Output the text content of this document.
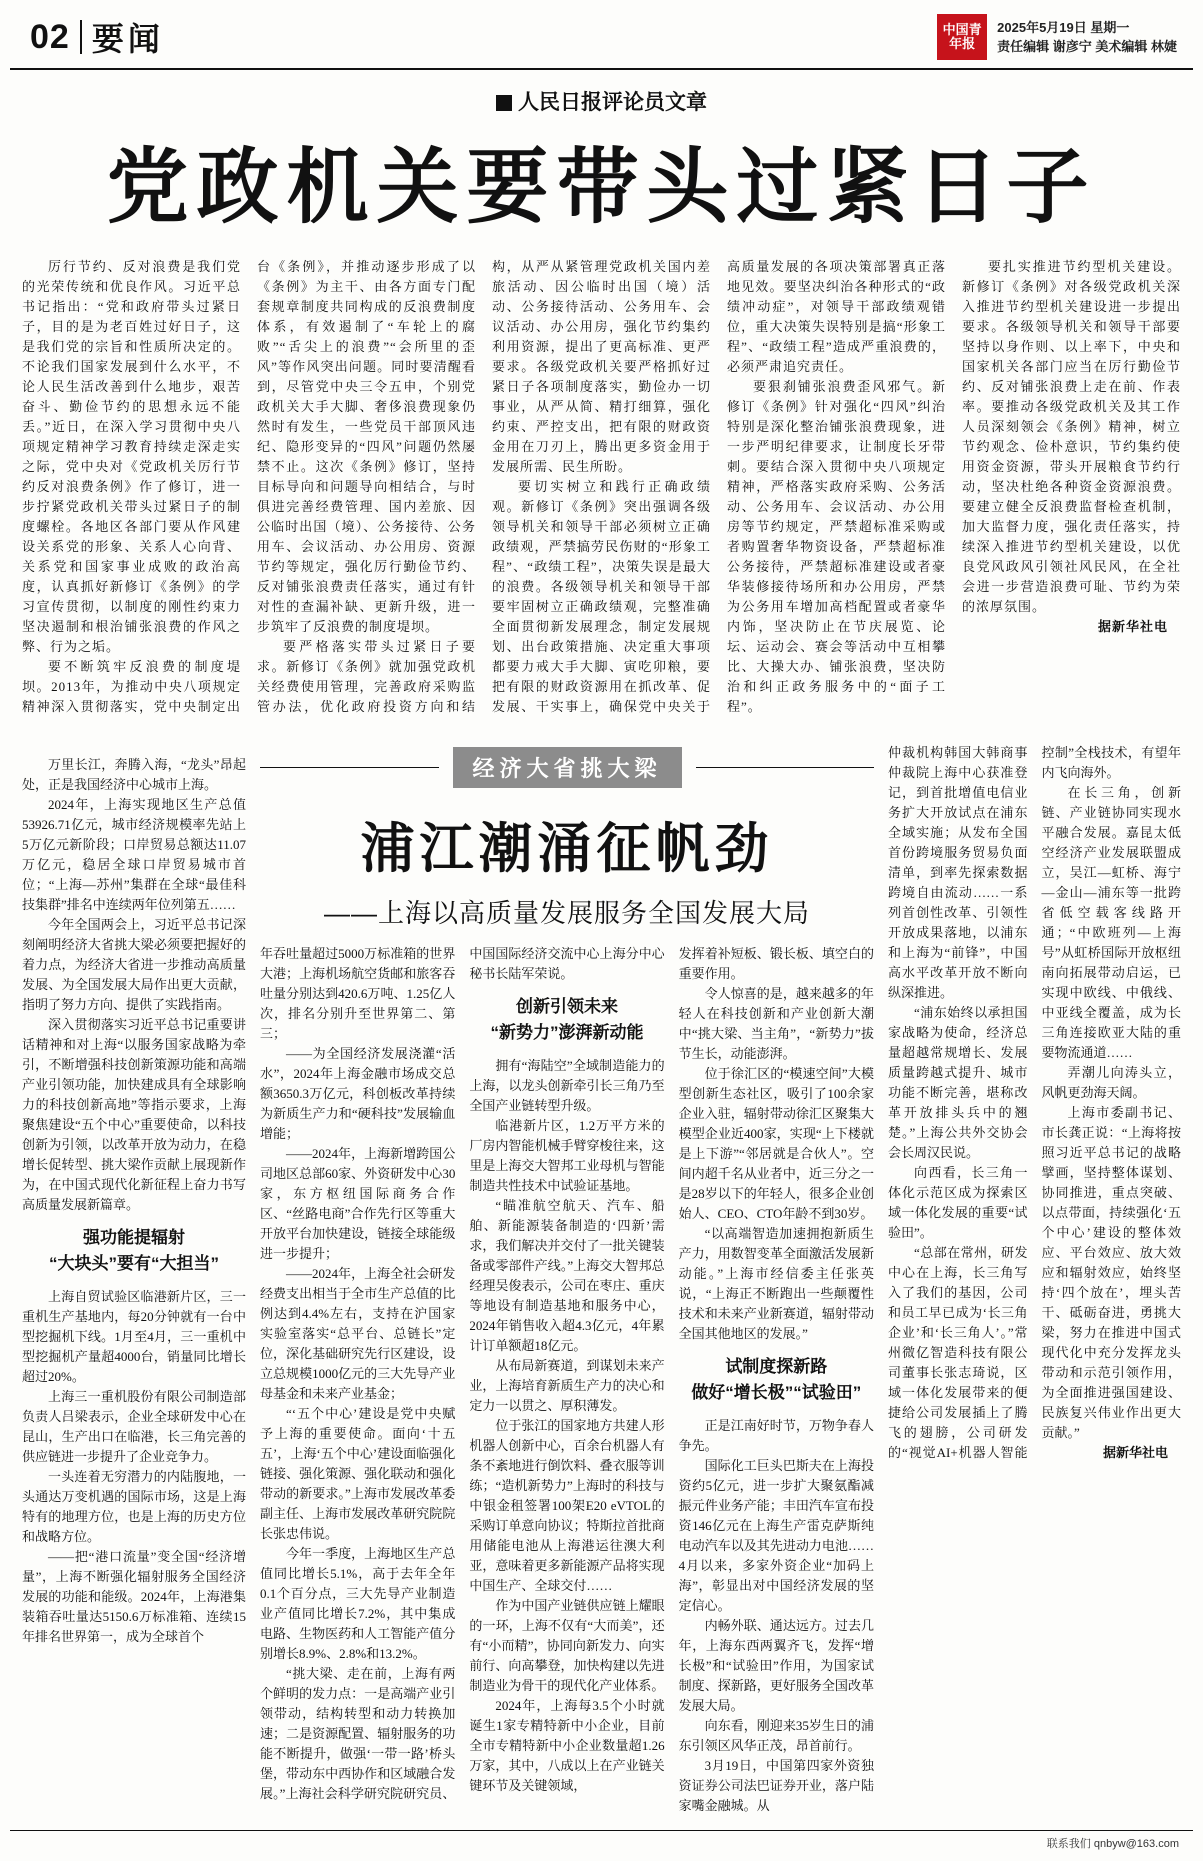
02 要闻	中国青年报
2025年5月19日 星期一
责任编辑 谢彦宁 美术编辑 林婕
人民日报评论员文章
党政机关要带头过紧日子

厉行节约、反对浪费是我们党的光荣传统和优良作风。习近平总书记指出：“党和政府带头过紧日子，目的是为老百姓过好日子，这是我们党的宗旨和性质所决定的。不论我们国家发展到什么水平，不论人民生活改善到什么地步，艰苦奋斗、勤俭节约的思想永远不能丢。”近日，在深入学习贯彻中央八项规定精神学习教育持续走深走实之际，党中央对《党政机关厉行节约反对浪费条例》作了修订，进一步拧紧党政机关带头过紧日子的制度螺栓。各地区各部门要从作风建设关系党的形象、关系人心向背、关系党和国家事业成败的政治高度，认真抓好新修订《条例》的学习宣传贯彻，以制度的刚性约束力坚决遏制和根治铺张浪费的作风之弊、行为之垢。

要不断筑牢反浪费的制度堤坝。2013年，为推动中央八项规定精神深入贯彻落实，党中央制定出台《条例》，并推动逐步形成了以《条例》为主干、由各方面专门配套规章制度共同构成的反浪费制度体系，有效遏制了“车轮上的腐败”“舌尖上的浪费”“会所里的歪风”等作风突出问题。同时要清醒看到，尽管党中央三令五申，个别党政机关大手大脚、奢侈浪费现象仍然时有发生，一些党员干部顶风违纪、隐形变异的“四风”问题仍然屡禁不止。这次《条例》修订，坚持目标导向和问题导向相结合，与时俱进完善经费管理、国内差旅、因公临时出国（境）、公务接待、公务用车、会议活动、办公用房、资源节约等规定，强化厉行勤俭节约、反对铺张浪费责任落实，通过有针对性的查漏补缺、更新升级，进一步筑牢了反浪费的制度堤坝。

要严格落实带头过紧日子要求。新修订《条例》就加强党政机关经费使用管理，完善政府采购监管办法，优化政府投资方向和结构，从严从紧管理党政机关国内差旅活动、因公临时出国（境）活动、公务接待活动、公务用车、会议活动、办公用房，强化节约集约利用资源，提出了更高标准、更严要求。各级党政机关要严格抓好过紧日子各项制度落实，勤俭办一切事业，从严从简、精打细算，强化约束、严控支出，把有限的财政资金用在刀刃上，腾出更多资金用于发展所需、民生所盼。

要切实树立和践行正确政绩观。新修订《条例》突出强调各级领导机关和领导干部必须树立正确政绩观，严禁搞劳民伤财的“形象工程”、“政绩工程”，决策失误是最大的浪费。各级领导机关和领导干部要牢固树立正确政绩观，完整准确全面贯彻新发展理念，制定发展规划、出台政策措施、决定重大事项都要力戒大手大脚、寅吃卯粮，要把有限的财政资源用在抓改革、促发展、干实事上，确保党中央关于高质量发展的各项决策部署真正落地见效。要坚决纠治各种形式的“政绩冲动症”，对领导干部政绩观错位，重大决策失误特别是搞“形象工程”、“政绩工程”造成严重浪费的，必须严肃追究责任。

要狠刹铺张浪费歪风邪气。新修订《条例》针对强化“四风”纠治特别是深化整治铺张浪费现象，进一步严明纪律要求，让制度长牙带刺。要结合深入贯彻中央八项规定精神，严格落实政府采购、公务活动、公务用车、会议活动、办公用房等节约规定，严禁超标准采购或者购置奢华物资设备，严禁超标准公务接待，严禁超标准建设或者豪华装修接待场所和办公用房，严禁为公务用车增加高档配置或者豪华内饰，坚决防止在节庆展览、论坛、运动会、赛会等活动中互相攀比、大操大办、铺张浪费，坚决防治和纠正政务服务中的“面子工程”。

要扎实推进节约型机关建设。新修订《条例》对各级党政机关深入推进节约型机关建设进一步提出要求。各级领导机关和领导干部要坚持以身作则、以上率下，中央和国家机关各部门应当在厉行勤俭节约、反对铺张浪费上走在前、作表率。要推动各级党政机关及其工作人员深刻领会《条例》精神，树立节约观念、俭朴意识，节约集约使用资金资源，带头开展粮食节约行动，坚决杜绝各种资金资源浪费。要建立健全反浪费监督检查机制，加大监督力度，强化责任落实，持续深入推进节约型机关建设，以优良党风政风引领社风民风，在全社会进一步营造浪费可耻、节约为荣的浓厚氛围。

据新华社电

万里长江，奔腾入海，“龙头”昂起处，正是我国经济中心城市上海。

2024年，上海实现地区生产总值53926.71亿元，城市经济规模率先站上5万亿元新阶段；口岸贸易总额达11.07万亿元，稳居全球口岸贸易城市首位；“上海—苏州”集群在全球“最佳科技集群”排名中连续两年位列第五……

今年全国两会上，习近平总书记深刻阐明经济大省挑大梁必须要把握好的着力点，为经济大省进一步推动高质量发展、为全国发展大局作出更大贡献，指明了努力方向、提供了实践指南。

深入贯彻落实习近平总书记重要讲话精神和对上海“以服务国家战略为牵引，不断增强科技创新策源功能和高端产业引领功能，加快建成具有全球影响力的科技创新高地”等指示要求，上海聚焦建设“五个中心”重要使命，以科技创新为引领，以改革开放为动力，在稳增长促转型、挑大梁作贡献上展现新作为，在中国式现代化新征程上奋力书写高质量发展新篇章。

强功能提辐射
“大块头”要有“大担当”

上海自贸试验区临港新片区，三一重机生产基地内，每20分钟就有一台中型挖掘机下线。1月至4月，三一重机中型挖掘机产量超4000台，销量同比增长超过20%。

上海三一重机股份有限公司制造部负责人吕梁表示，企业全球研发中心在昆山，生产出口在临港，长三角完善的供应链进一步提升了企业竞争力。

一头连着无穷潜力的内陆腹地，一头通达万变机遇的国际市场，这是上海特有的地理方位，也是上海的历史方位和战略方位。

——把“港口流量”变全国“经济增量”，上海不断强化辐射服务全国经济发展的功能和能级。2024年，上海港集装箱吞吐量达5150.6万标准箱、连续15年排名世界第一，成为全球首个

经济大省挑大梁
浦江潮涌征帆劲
——上海以高质量发展服务全国发展大局

年吞吐量超过5000万标准箱的世界大港；上海机场航空货邮和旅客吞吐量分别达到420.6万吨、1.25亿人次，排名分别升至世界第二、第三；

——为全国经济发展浇灌“活水”，2024年上海金融市场成交总额3650.3万亿元，科创板改革持续为新质生产力和“硬科技”发展输血增能；

——2024年，上海新增跨国公司地区总部60家、外资研发中心30家，东方枢纽国际商务合作区、“丝路电商”合作先行区等重大开放平台加快建设，链接全球能级进一步提升；

——2024年，上海全社会研发经费支出相当于全市生产总值的比例达到4.4%左右，支持在沪国家实验室落实“总平台、总链长”定位，深化基础研究先行区建设，设立总规模1000亿元的三大先导产业母基金和未来产业基金；

“‘五个中心’建设是党中央赋予上海的重要使命。面向‘十五五’，上海‘五个中心’建设面临强化链接、强化策源、强化联动和强化带动的新要求。”上海市发展改革委副主任、上海市发展改革研究院院长张忠伟说。

今年一季度，上海地区生产总值同比增长5.1%，高于去年全年0.1个百分点，三大先导产业制造业产值同比增长7.2%，其中集成电路、生物医药和人工智能产值分别增长8.9%、2.8%和13.2%。

“挑大梁、走在前，上海有两个鲜明的发力点：一是高端产业引领带动，结构转型和动力转换加速；二是资源配置、辐射服务的功能不断提升，做强‘一带一路’桥头堡，带动东中西协作和区域融合发展。”上海社会科学研究院研究员、中国国际经济交流中心上海分中心秘书长陆军荣说。

创新引领未来
“新势力”澎湃新动能

拥有“海陆空”全域制造能力的上海，以龙头创新牵引长三角乃至全国产业链转型升级。

临港新片区，1.2万平方米的厂房内智能机械手臂穿梭往来，这里是上海交大智邦工业母机与智能制造共性技术中试验证基地。

“瞄准航空航天、汽车、船舶、新能源装备制造的‘四新’需求，我们解决并交付了一批关键装备或零部件产线。”上海交大智邦总经理吴俊表示，公司在枣庄、重庆等地设有制造基地和服务中心，2024年销售收入超4.3亿元，4年累计订单额超18亿元。

从布局新赛道，到谋划未来产业，上海培育新质生产力的决心和定力一以贯之、厚积薄发。

位于张江的国家地方共建人形机器人创新中心，百余台机器人有条不紊地进行倒饮料、叠衣服等训练；“造机新势力”上海时的科技与中银金租签署100架E20 eVTOL的采购订单意向协议；特斯拉首批商用储能电池从上海港运往澳大利亚，意味着更多新能源产品将实现中国生产、全球交付……

作为中国产业链供应链上耀眼的一环，上海不仅有“大而美”，还有“小而精”，协同向新发力、向实前行、向高攀登，加快构建以先进制造业为骨干的现代化产业体系。

2024年，上海每3.5个小时就诞生1家专精特新中小企业，目前全市专精特新中小企业数量超1.26万家，其中，八成以上在产业链关键环节及关键领域，

发挥着补短板、锻长板、填空白的重要作用。

令人惊喜的是，越来越多的年轻人在科技创新和产业创新大潮中“挑大梁、当主角”，“新势力”拔节生长，动能澎湃。

位于徐汇区的“模速空间”大模型创新生态社区，吸引了100余家企业入驻，辐射带动徐汇区聚集大模型企业近400家，实现“上下楼就是上下游”“邻居就是合伙人”。空间内超千名从业者中，近三分之一是28岁以下的年轻人，很多企业创始人、CEO、CTO年龄不到30岁。

“以高端智造加速拥抱新质生产力，用数智变革全面激活发展新动能。”上海市经信委主任张英说，“上海正不断跑出一些颠覆性技术和未来产业新赛道，辐射带动全国其他地区的发展。”

试制度探新路
做好“增长极”“试验田”

正是江南好时节，万物争春人争先。

国际化工巨头巴斯夫在上海投资约5亿元，进一步扩大聚氨酯减振元件业务产能；丰田汽车宣布投资146亿元在上海生产雷克萨斯纯电动汽车以及其先进动力电池……4月以来，多家外资企业“加码上海”，彰显出对中国经济发展的坚定信心。

内畅外联、通达远方。过去几年，上海东西两翼齐飞，发挥“增长极”和“试验田”作用，为国家试制度、探新路，更好服务全国改革发展大局。

向东看，刚迎来35岁生日的浦东引领区风华正茂，昂首前行。

3月19日，中国第四家外资独资证券公司法巴证券开业，落户陆家嘴金融城。从

仲裁机构韩国大韩商事仲裁院上海中心获准登记，到首批增值电信业务扩大开放试点在浦东全域实施；从发布全国首份跨境服务贸易负面清单，到率先探索数据跨境自由流动……一系列首创性改革、引领性开放成果落地，以浦东和上海为“前锋”，中国高水平改革开放不断向纵深推进。

“浦东始终以承担国家战略为使命，经济总量超越常规增长、发展质量跨越式提升、城市功能不断完善，堪称改革开放排头兵中的翘楚。”上海公共外交协会会长周汉民说。

向西看，长三角一体化示范区成为探索区域一体化发展的重要“试验田”。

“总部在常州，研发中心在上海，长三角写入了我们的基因，公司和员工早已成为‘长三角企业’和‘长三角人’。”常州微亿智造科技有限公司董事长张志琦说，区域一体化发展带来的便捷给公司发展插上了腾飞的翅膀，公司研发的“视觉AI+机器人智能控制”全栈技术，有望年内飞向海外。

在长三角，创新链、产业链协同实现水平融合发展。嘉昆太低空经济产业发展联盟成立，吴江—虹桥、海宁—金山—浦东等一批跨省低空载客线路开通；“中欧班列—上海号”从虹桥国际开放枢纽南向拓展带动启运，已实现中欧线、中俄线、中亚线全覆盖，成为长三角连接欧亚大陆的重要物流通道……

弄潮儿向涛头立，风帆更劲海天阔。

上海市委副书记、市长龚正说：“上海将按照习近平总书记的战略擘画，坚持整体谋划、协同推进，重点突破、以点带面，持续强化‘五个中心’建设的整体效应、平台效应、放大效应和辐射效应，始终坚持‘四个放在’，埋头苦干、砥砺奋进，勇挑大梁，努力在推进中国式现代化中充分发挥龙头带动和示范引领作用，为全面推进强国建设、民族复兴伟业作出更大贡献。”

据新华社电

联系我们 qnbyw@163.com
